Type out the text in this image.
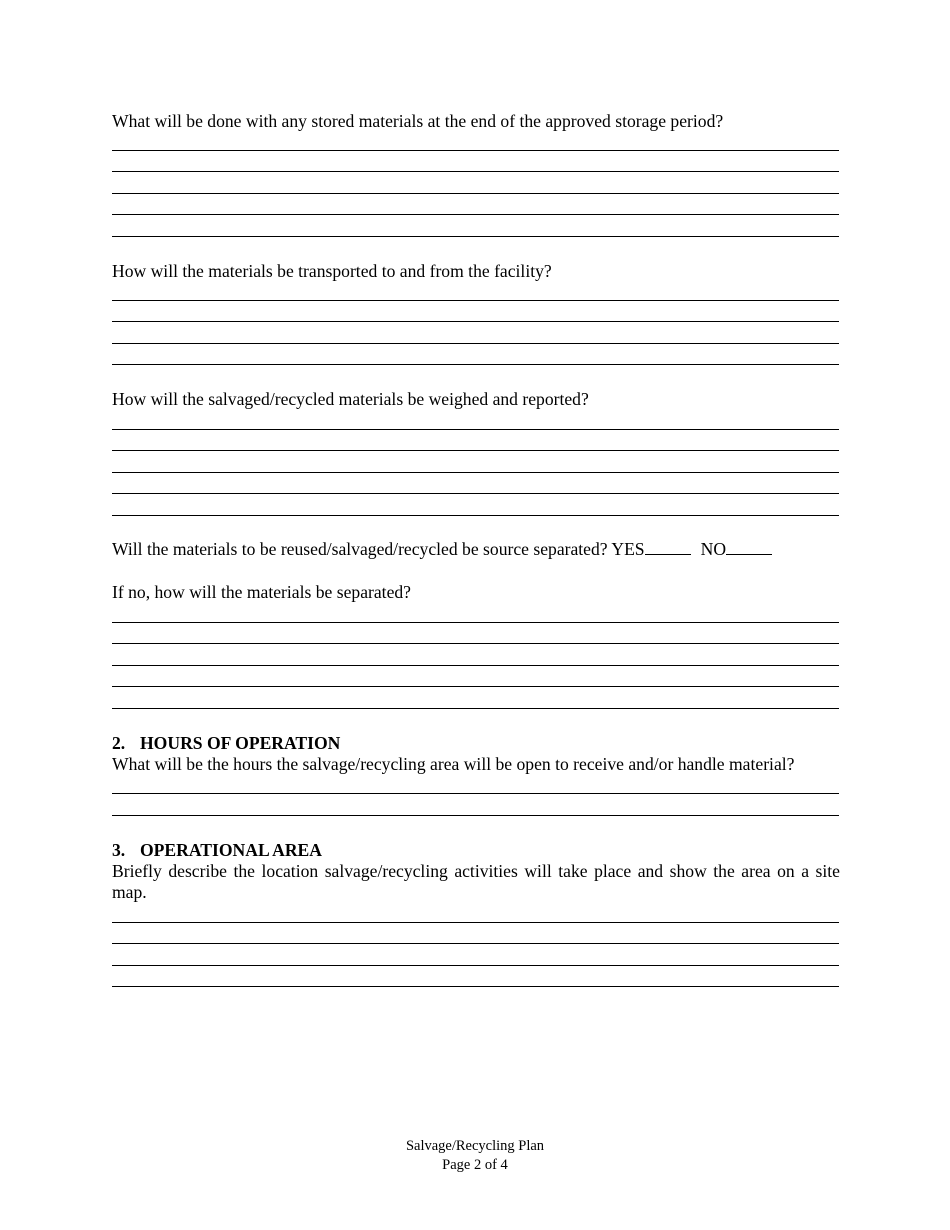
What will be done with any stored materials at the end of the approved storage period?
How will the materials be transported to and from the facility?
How will the salvaged/recycled materials be weighed and reported?
Will the materials to be reused/salvaged/recycled be source separated? YES	NO
If no, how will the materials be separated?
2. HOURS OF OPERATION
What will be the hours the salvage/recycling area will be open to receive and/or handle material?
3. OPERATIONAL AREA
Briefly describe the location salvage/recycling activities will take place and show the area on a site map.
Salvage/Recycling Plan
Page 2 of 4
